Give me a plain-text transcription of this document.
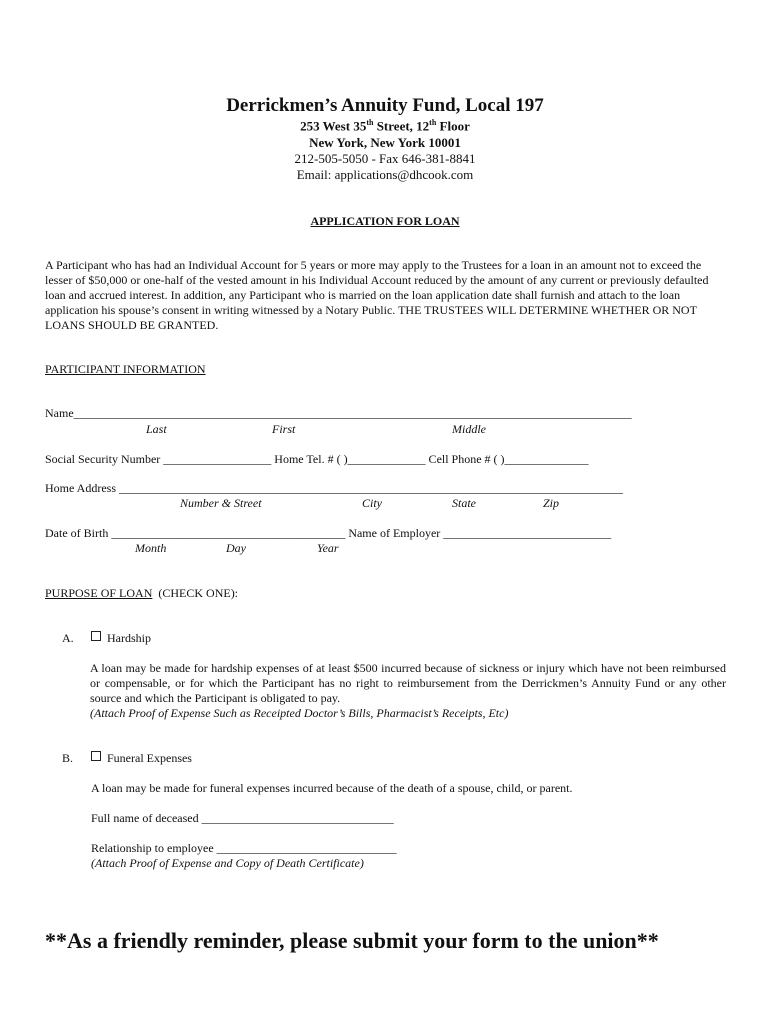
Derrickmen’s Annuity Fund, Local 197
253 West 35th Street, 12th Floor
New York, New York 10001
212-505-5050 - Fax 646-381-8841
Email: applications@dhcook.com
APPLICATION FOR LOAN
A Participant who has had an Individual Account for 5 years or more may apply to the Trustees for a loan in an amount not to exceed the lesser of $50,000 or one-half of the vested amount in his Individual Account reduced by the amount of any current or previously defaulted loan and accrued interest. In addition, any Participant who is married on the loan application date shall furnish and attach to the loan application his spouse’s consent in writing witnessed by a Notary Public. THE TRUSTEES WILL DETERMINE WHETHER OR NOT LOANS SHOULD BE GRANTED.
PARTICIPANT INFORMATION
Name_____________________________________________________________________________________________
Last	First	Middle
Social Security Number __________________ Home Tel. # ( )_____________ Cell Phone # ( )______________
Home Address ____________________________________________________________________________________
Number & Street	City	State	Zip
Date of Birth _______________________________________ Name of Employer ____________________________
Month	Day	Year
PURPOSE OF LOAN  (CHECK ONE):
A.	Hardship
A loan may be made for hardship expenses of at least $500 incurred because of sickness or injury which have not been reimbursed or compensable, or for which the Participant has no right to reimbursement from the Derrickmen’s Annuity Fund or any other source and which the Participant is obligated to pay.
(Attach Proof of Expense Such as Receipted Doctor’s Bills, Pharmacist’s Receipts, Etc)
B.	Funeral Expenses
A loan may be made for funeral expenses incurred because of the death of a spouse, child, or parent.
Full name of deceased ________________________________
Relationship to employee ______________________________
(Attach Proof of Expense and Copy of Death Certificate)
**As a friendly reminder, please submit your form to the union**
